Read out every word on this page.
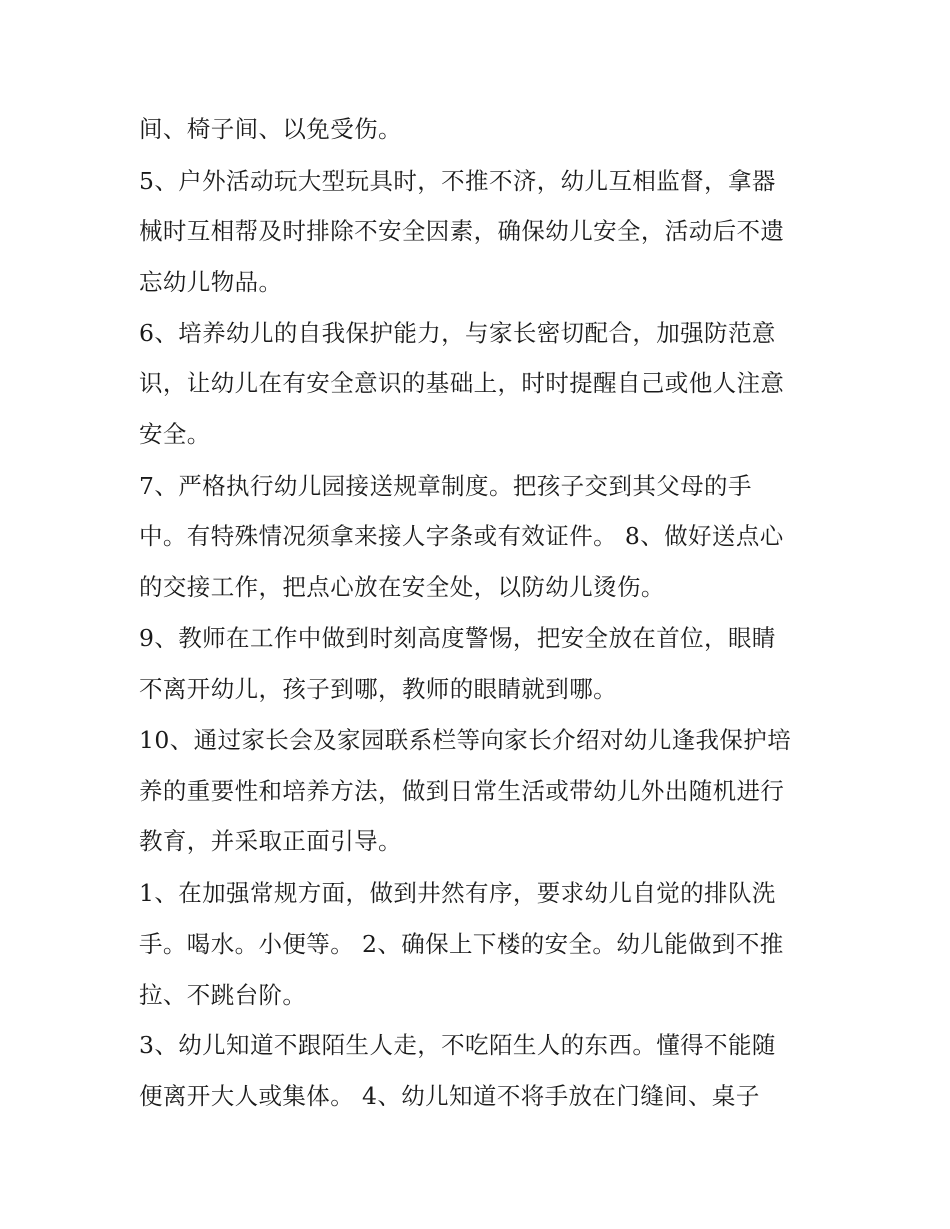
间、椅子间、以免受伤。
5、户外活动玩大型玩具时，不推不济，幼儿互相监督，拿器
械时互相帮及时排除不安全因素，确保幼儿安全，活动后不遗
忘幼儿物品。
6、培养幼儿的自我保护能力，与家长密切配合，加强防范意
识，让幼儿在有安全意识的基础上，时时提醒自己或他人注意
安全。
7、严格执行幼儿园接送规章制度。把孩子交到其父母的手
中。有特殊情况须拿来接人字条或有效证件。 8、做好送点心
的交接工作，把点心放在安全处，以防幼儿烫伤。
9、教师在工作中做到时刻高度警惕，把安全放在首位，眼睛
不离开幼儿，孩子到哪，教师的眼睛就到哪。
10、通过家长会及家园联系栏等向家长介绍对幼儿逢我保护培
养的重要性和培养方法，做到日常生活或带幼儿外出随机进行
教育，并采取正面引导。
1、在加强常规方面，做到井然有序，要求幼儿自觉的排队洗
手。喝水。小便等。 2、确保上下楼的安全。幼儿能做到不推
拉、不跳台阶。
3、幼儿知道不跟陌生人走，不吃陌生人的东西。懂得不能随
便离开大人或集体。 4、幼儿知道不将手放在门缝间、桌子
